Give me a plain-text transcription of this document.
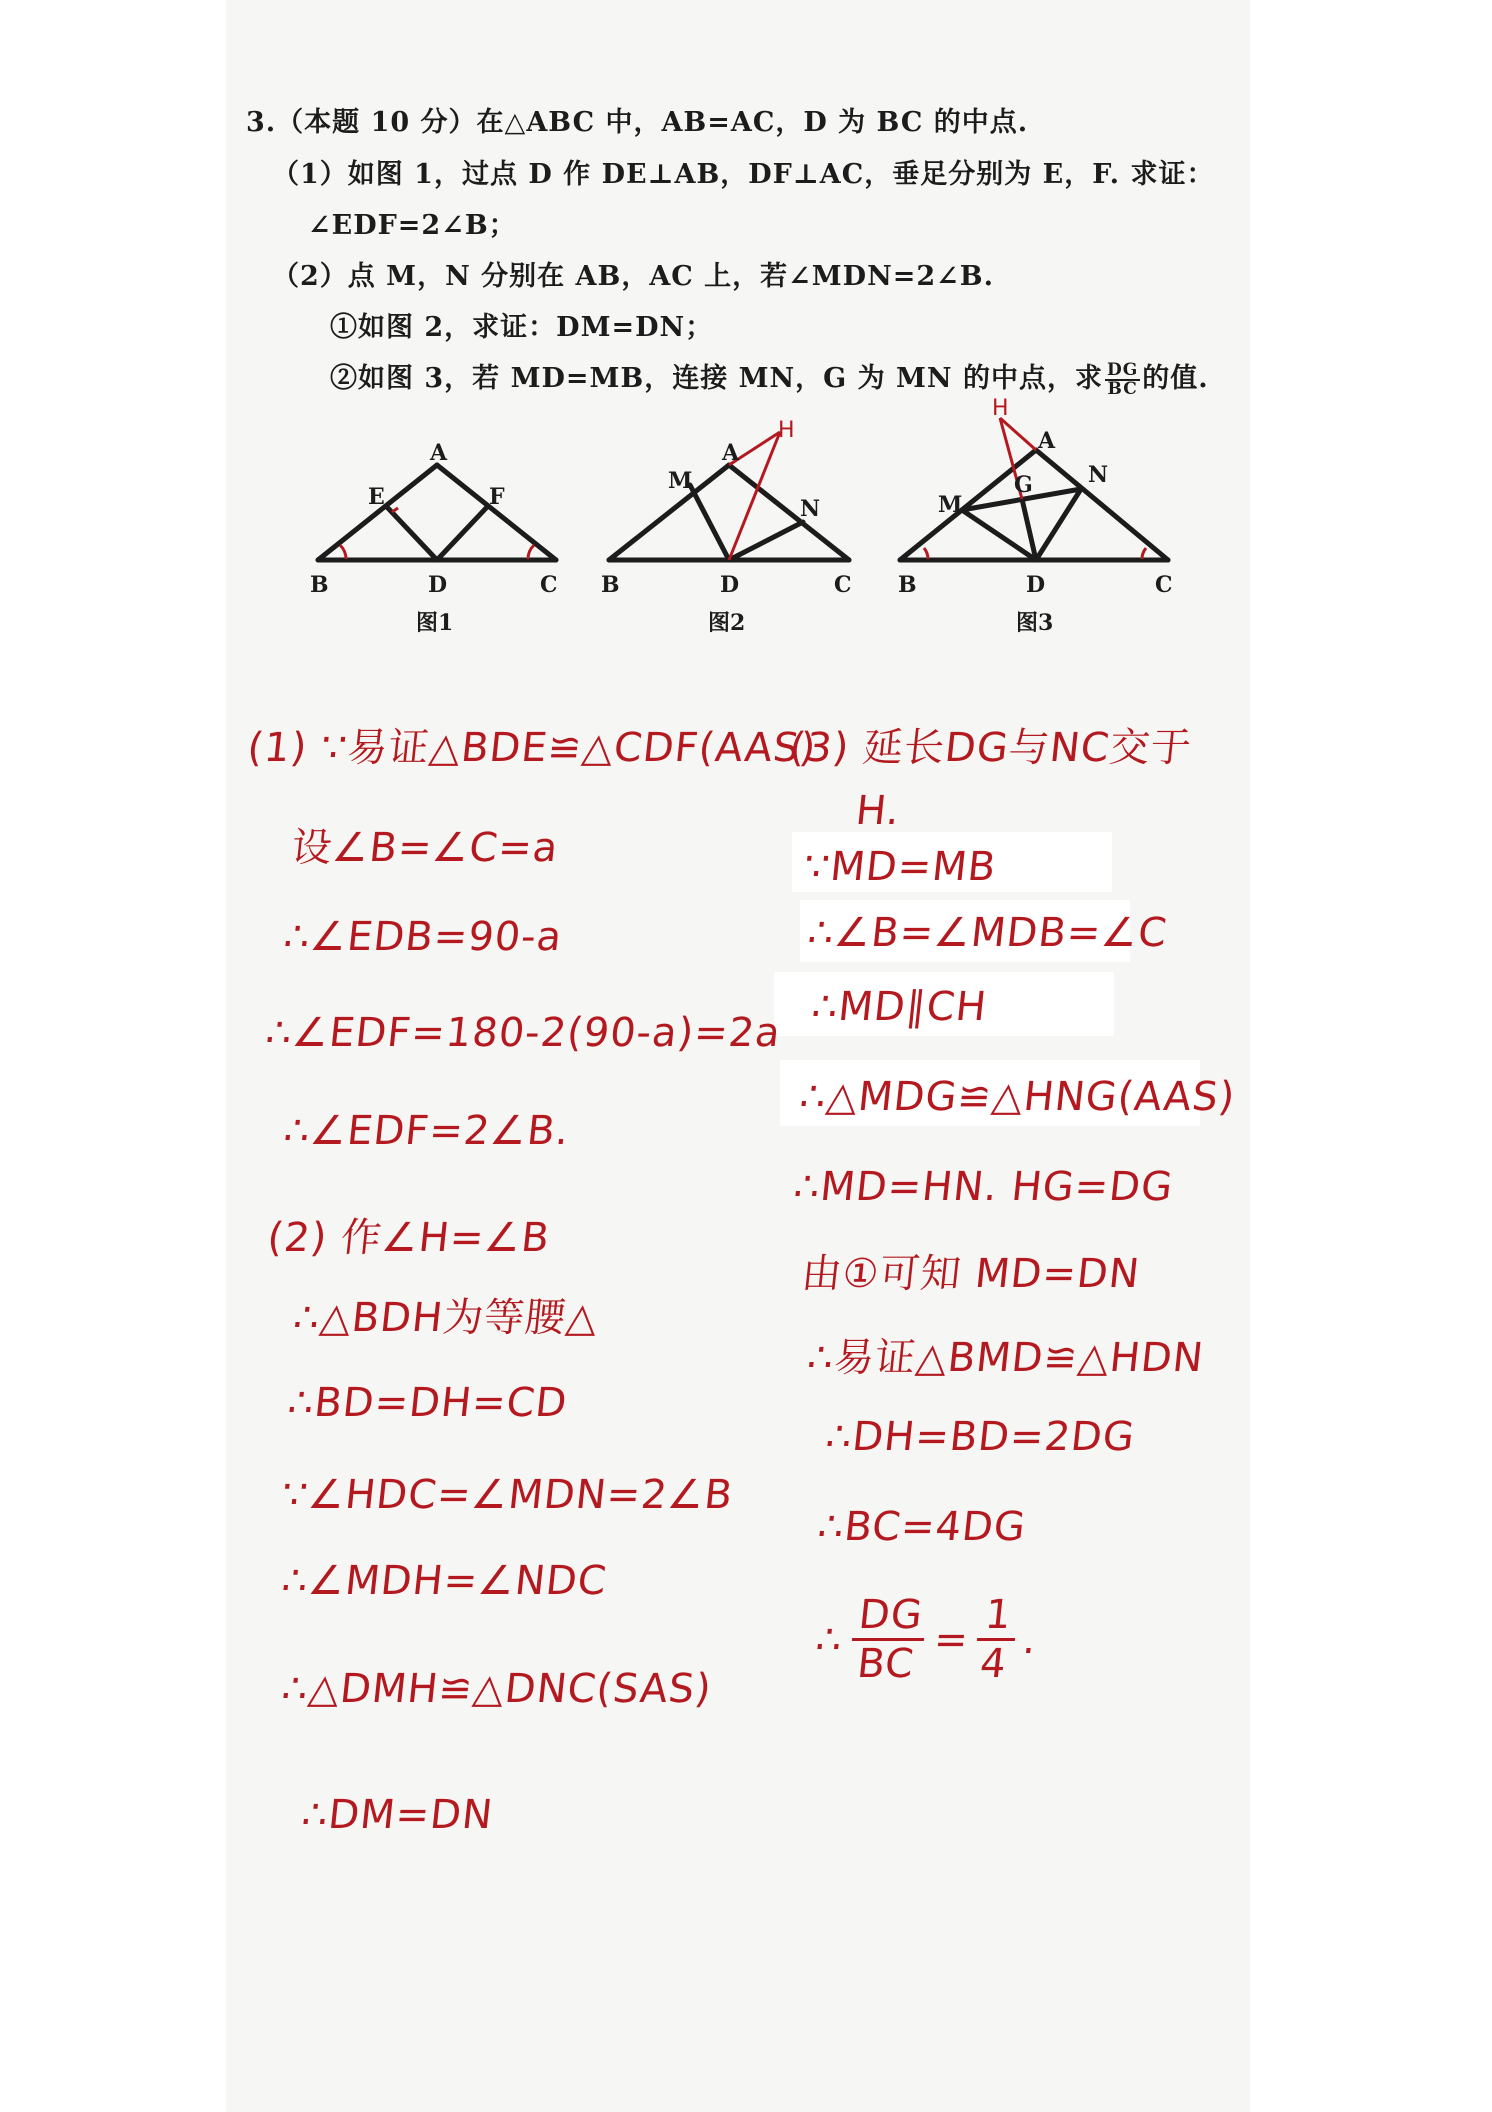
3.（本题 10 分）在△ABC 中，AB=AC，D 为 BC 的中点.
（1）如图 1，过点 D 作 DE⊥AB，DF⊥AC，垂足分别为 E，F. 求证：
∠EDF=2∠B；
（2）点 M，N 分别在 AB，AC 上，若∠MDN=2∠B.
①如图 2，求证：DM=DN；
②如图 3，若 MD=MB，连接 MN，G 为 MN 的中点，求 $\frac{DG}{BC}$ 的值.
A
E	F
B	D	C
图1
A
M
N
B	D	C
图2
H
H
A
G
M
N
B	D	C
图3
(1) ∵易证△BDE≌△CDF(AAS)
设∠B=∠C=a
∴∠EDB=90-a
∴∠EDF=180-2(90-a)=2a
∴∠EDF=2∠B.
(2) 作∠H=∠B
∴△BDH为等腰△
∴BD=DH=CD
∵∠HDC=∠MDN=2∠B
∴∠MDH=∠NDC
∴△DMH≌△DNC(SAS)
∴DM=DN
(3) 延长DG与NC交于
H.
∵MD=MB
∴∠B=∠MDB=∠C
∴MD∥CH
∴△MDG≌△HNG(AAS)
∴MD=HN. HG=DG
由①可知 MD=DN
∴易证△BMD≌△HDN
∴DH=BD=2DG
∴BC=4DG
∴ $\frac{DG}{BC} = \frac{1}{4}$ .
